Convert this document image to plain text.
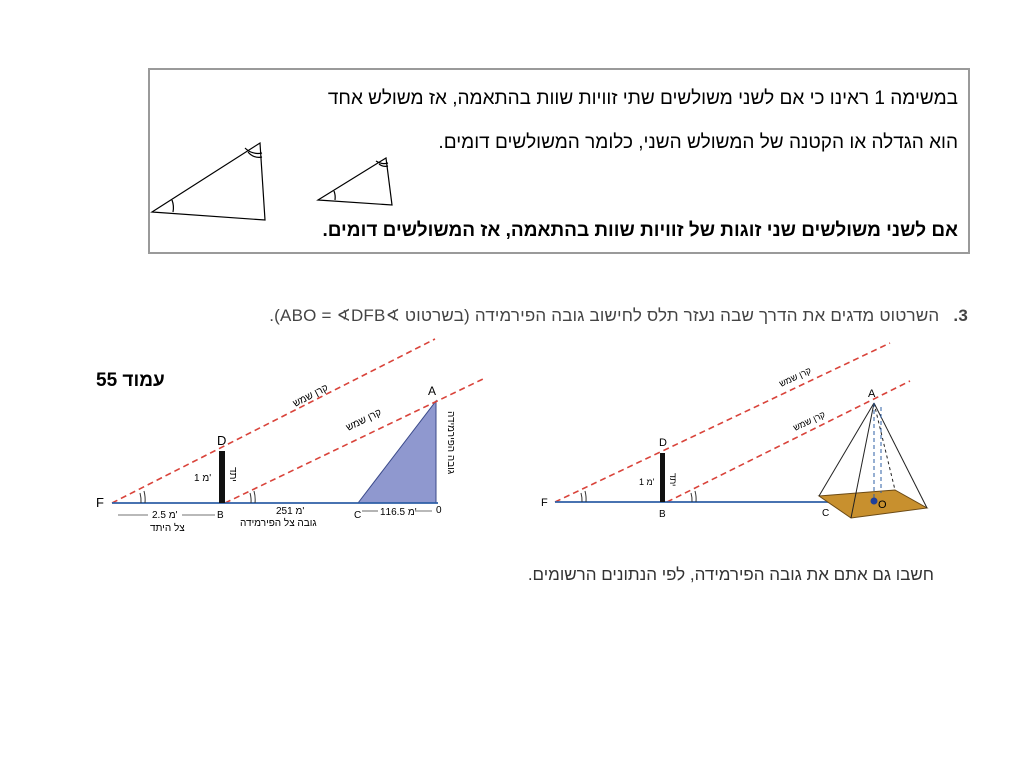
במשימה 1 ראינו כי אם לשני משולשים שתי זוויות שוות בהתאמה, אז משולש אחד
הוא הגדלה או הקטנה של המשולש השני, כלומר המשולשים דומים.
אם לשני משולשים שני זוגות של זוויות שוות בהתאמה, אז המשולשים דומים.
3.השרטוט מדגים את הדרך שבה נעזר תלס לחישוב גובה הפירמידה (בשרטוט ∢ABO = ∢DFB).
עמוד 55	A
D
F
B	C	0
קרן שמש
קרן שמש	גובה הפירמידה
יתד
1 מ'
2.5 מ'	251 מ'	116.5 מ'
צל היתד	גובה צל הפירמידה
A
D
F
B	C
O
קרן שמש
קרן שמש
יתד
1 מ'
חשבו גם אתם את גובה הפירמידה, לפי הנתונים הרשומים.
